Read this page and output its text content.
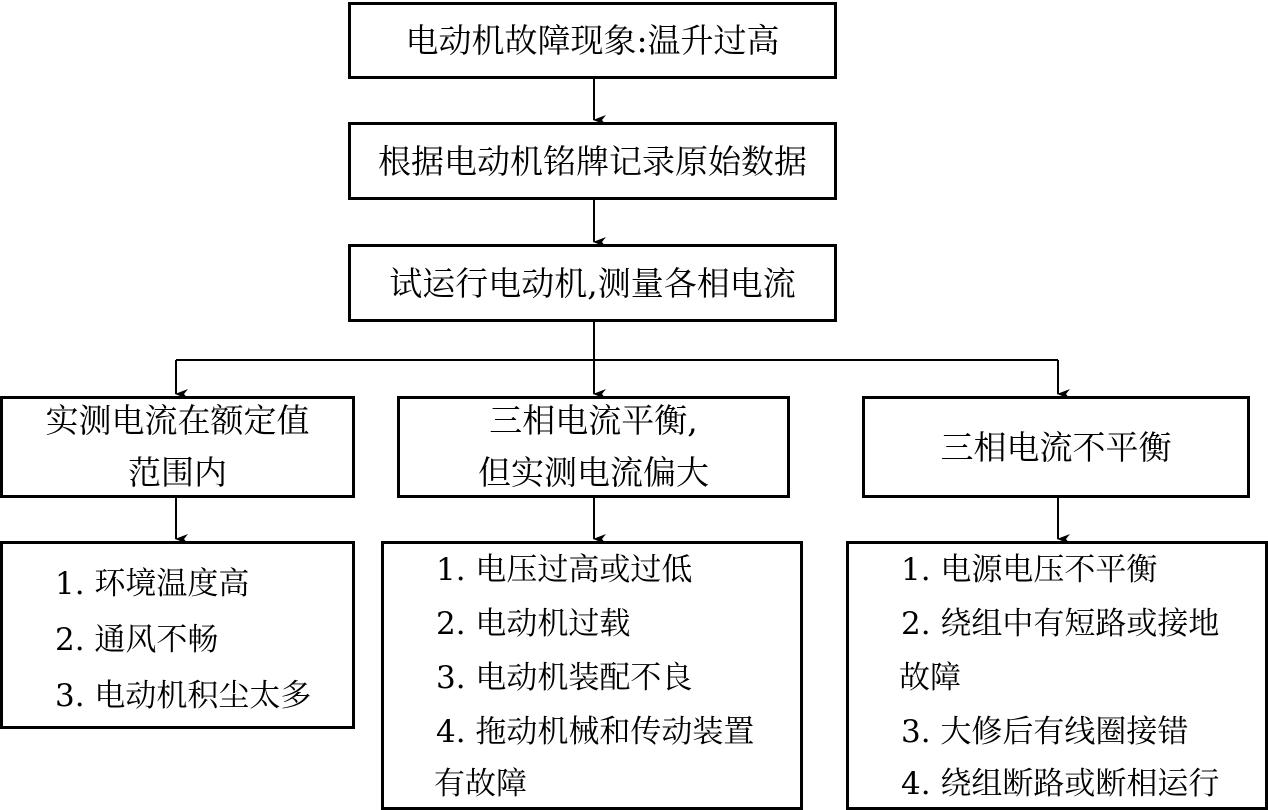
电动机故障现象:温升过高
根据电动机铭牌记录原始数据
试运行电动机,测量各相电流
实测电流在额定值
范围内
三相电流平衡,
但实测电流偏大
三相电流不平衡
1. 环境温度高
2. 通风不畅
3. 电动机积尘太多
1. 电压过高或过低
2. 电动机过载
3. 电动机装配不良
4. 拖动机械和传动装置
有故障
1. 电源电压不平衡
2. 绕组中有短路或接地
故障
3. 大修后有线圈接错
4. 绕组断路或断相运行
